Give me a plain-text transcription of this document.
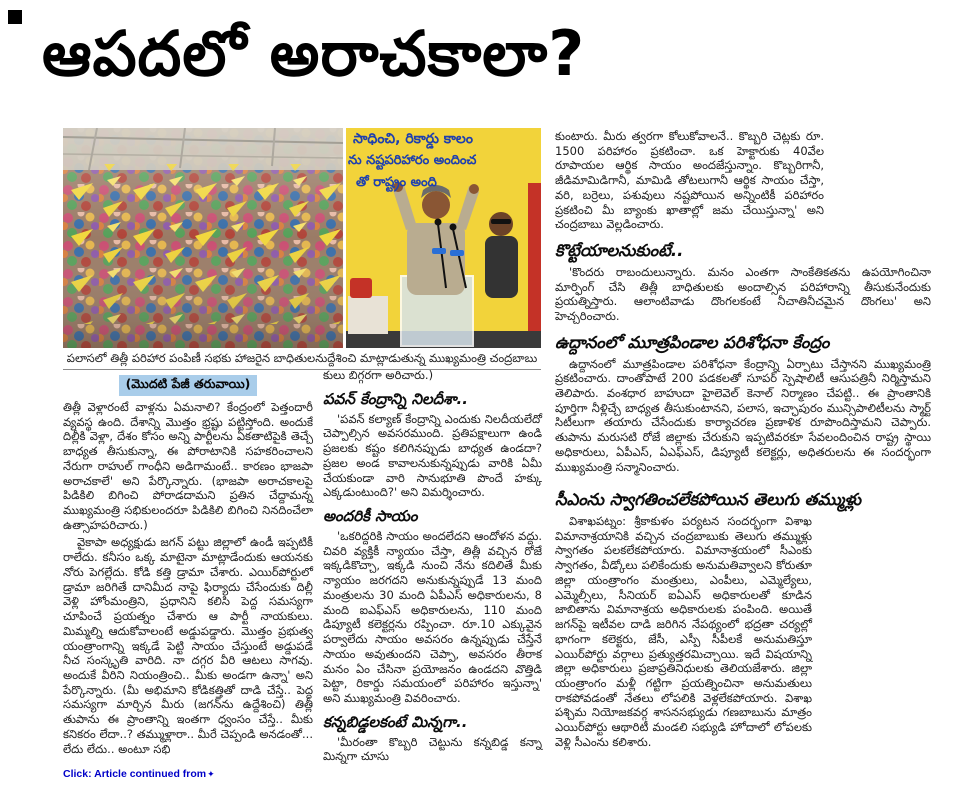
ఆపదలో అరాచకాలా?
సాధించి, రికార్డు కాలం
ను నష్టపరిహారం అందించ
తో రాష్ట్రం అంది
పలాసలో తిత్లీ పరిహార పంపిణీ సభకు హాజరైన బాధితులనుద్దేశించి మాట్లాడుతున్న ముఖ్యమంత్రి చంద్రబాబు
(మొదటి పేజీ తరువాయి)

తిత్లీ వెళ్లారంటే వాళ్లను ఏమనాలి? కేంద్రంలో పెత్తందారీ వ్యవస్థ ఉంది. దేశాన్ని మొత్తం భ్రష్టు పట్టిస్తోంది. అందుకే దిల్లీకి వెళ్లా, దేశం కోసం అన్ని పార్టీలను ఏకతాటిపైకి తెచ్చే బాధ్యత తీసుకున్నా, ఈ పోరాటానికి సహకరించాలని నేరుగా రాహుల్ గాంధీని అడిగామంటే.. కారణం భాజపా అరాచకాలే' అని పేర్కొన్నారు. (భాజపా అరాచకాలపై పిడికిలి బిగించి పోరాడదామని ప్రతిన చేద్దామన్న ముఖ్యమంత్రి సభికులందరూ పిడికిలి బిగించి నినదించేలా ఉత్సాహపరిచారు.)

వైకాపా అధ్యక్షుడు జగన్ పట్టు జిల్లాలో ఉండీ ఇప్పటికీ రాలేదు. కనీసం ఒక్క మాటైనా మాట్లాడేందుకు ఆయనకు నోరు పెగల్లేదు. కోడి కత్తి డ్రామా చేశారు. ఎయిర్‌పోర్టులో డ్రామా జరిగితే దానిమీద నాపై ఫిర్యాదు చేసేందుకు దిల్లీ వెళ్లి హోంమంత్రిని, ప్రధానిని కలిసి పెద్ద సమస్యగా చూపించే ప్రయత్నం చేశారు ఆ పార్టీ నాయకులు. మిమ్మల్ని ఆదుకోవాలంటే అడ్డుపడ్డారు. మొత్తం ప్రభుత్వ యంత్రాంగాన్ని ఇక్కడే పెట్టి సాయం చేస్తుంటే అడ్డుపడే నీచ సంస్కృతి వారిది. నా దగ్గర వీరి ఆటలు సాగవు. అందుకే వీరిని నియంత్రించి.. మీకు అండగా ఉన్నా' అని పేర్కొన్నారు. (మీ అభిమాని కోడికత్తితో దాడి చేస్తే.. పెద్ద సమస్యగా మార్చిన మీరు (జగన్‌ను ఉద్దేశించి) తిత్లీ తుపాను ఈ ప్రాంతాన్ని ఇంతగా ధ్వంసం చేస్తే.. మీకు కనికరం లేదా..? తమ్ముళ్లారా.. మీరే చెప్పండి అనడంతో... లేదు లేదు.. అంటూ సభి

Click: Article continued from✦

కులు బిగ్గరగా అరిచారు.)

పవన్ కేంద్రాన్ని నిలదీశా..

'పవన్ కల్యాణ్ కేంద్రాన్ని ఎందుకు నిలదీయలేదో చెప్పాల్సిన అవసరముంది. ప్రతిపక్షాలుగా ఉండి ప్రజలకు కష్టం కలిగినప్పుడు బాధ్యత ఉండదా? ప్రజల అండ కావాలనుకున్నప్పుడు వారికి ఏమీ చేయకుండా వారి సానుభూతి పొందే హక్కు ఎక్కడుంటుంది?' అని విమర్శించారు.

అందరికీ సాయం

'ఒకరిద్దరికి సాయం అందలేదని ఆందోళన వద్దు. చివరి వ్యక్తికీ న్యాయం చేస్తా, తిత్లీ వచ్చిన రోజే ఇక్కడికొచ్చా, ఇక్కడి నుంచి నేను కదిలితే మీకు న్యాయం జరగదని అనుకున్నప్పుడే 13 మంది మంత్రులను 30 మంది ఏపీఎస్ అధికారులను, 8 మంది ఐఎఫ్ఎస్ అధికారులను, 110 మంది డిప్యూటీ కలెక్టర్లను రప్పించా. రూ.10 ఎక్కువైన పర్వాలేదు సాయం అవసరం ఉన్నప్పుడు చేస్తేనే సాయం అవుతుందని చెప్పా, అవసరం తీరాక మనం ఏం చేసినా ప్రయోజనం ఉండదని వొత్తిడి పెట్టా, రికార్డు సమయంలో పరిహారం ఇస్తున్నా' అని ముఖ్యమంత్రి వివరించారు.

కన్నబిడ్డలకంటే మిన్నగా..

'మీరంతా కొబ్బరి చెట్టును కన్నబిడ్డ కన్నా మిన్నగా చూసు

కుంటారు. మీరు త్వరగా కోలుకోవాలనే.. కొబ్బరి చెట్లకు రూ. 1500 పరిహారం ప్రకటించా. ఒక హెక్టారుకు 40వేల రూపాయల ఆర్థిక సాయం అందజేస్తున్నాం. కొబ్బరిగానీ, జీడిమామిడిగానీ, మామిడి తోటలుగానీ ఆర్థిక సాయం చేస్తా, వరి, బర్రెలు, పశువులు నష్టపోయిన అన్నింటికీ పరిహారం ప్రకటించి మీ బ్యాంకు ఖాతాల్లో జమ చేయిస్తున్నా' అని చంద్రబాబు వెల్లడించారు.

కొట్టేయాలనుకుంటే..

'కొందరు రాబందులున్నారు. మనం ఎంతగా సాంకేతికతను ఉపయోగించినా మార్ఫింగ్ చేసి తిత్లీ బాధితులకు అందాల్సిన పరిహారాన్ని తీసుకునేందుకు ప్రయత్నిస్తారు. ఆలాంటివాడు దొంగలకంటే నీచాతినీచమైన దొంగలు' అని హెచ్చరించారు.

ఉద్దానంలో మూత్రపిండాల పరిశోధనా కేంద్రం

ఉద్దానంలో మూత్రపిండాల పరిశోధనా కేంద్రాన్ని ఏర్పాటు చేస్తానని ముఖ్యమంత్రి ప్రకటించారు. దాంతోపాటే 200 పడకలతో సూపర్ స్పెషాలిటీ ఆసుపత్రినీ నిర్మిస్తామని తెలిపారు. వంశధార బాహుదా హైలెవెల్ కెనాల్ నిర్మాణం చేపట్టి.. ఈ ప్రాంతానికి పూర్తిగా నీళ్లిచ్చే బాధ్యత తీసుకుంటానని, పలాస, ఇచ్ఛాపురం మున్సిపాలిటీలను స్మార్ట్ సిటీలుగా తయారు చేసేందుకు కార్యాచరణ ప్రణాళిక రూపొందిస్తామని చెప్పారు. తుపాను మరుసటి రోజే జిల్లాకు చేరుకుని ఇప్పటివరకూ సేవలందించిన రాష్ట్ర స్థాయి అధికారులు, ఏపీఎస్, ఏఎఫ్ఎస్, డిప్యూటీ కలెక్టర్లు, అధితరులను ఈ సందర్భంగా ముఖ్యమంత్రి సన్మానించారు.

సీఎంను స్వాగతించలేకపోయిన తెలుగు తమ్ముళ్లు

విశాఖపట్నం: శ్రీకాకుళం పర్యటన సందర్భంగా విశాఖ విమానాశ్రయానికి వచ్చిన చంద్రబాబుకు తెలుగు తమ్ముళ్లు స్వాగతం పలకలేకపోయారు. విమానాశ్రయంలో సీఎంకు స్వాగతం, వీడ్కోలు పలికేందుకు అనుమతివ్వాలని కోరుతూ జిల్లా యంత్రాంగం మంత్రులు, ఎంపీలు, ఎమ్మెల్యేలు, ఎమ్మెల్సీలు, సీనియర్ ఐఏఎస్ అధికారులతో కూడిన జాబితాను విమానాశ్రయ అధికారులకు పంపింది. అయితే జగన్‌పై ఇటీవల దాడి జరిగిన నేపథ్యంలో భద్రతా చర్యల్లో భాగంగా కలెక్టరు, జేసీ, ఎస్పీ సీపీలకే అనుమతిస్తూ ఎయిర్‌పోర్టు వర్గాలు ప్రత్యుత్తరమిచ్చాయి. ఇదే విషయాన్ని జిల్లా అధికారులు ప్రజాప్రతినిధులకు తెలియజేశారు. జిల్లా యంత్రాంగం మళ్లీ గట్టిగా ప్రయత్నించినా అనుమతులు రాకపోవడంతో నేతలు లోపలికి వెళ్లలేకపోయారు. విశాఖ పశ్చిమ నియోజకవర్గ శాసనసభ్యుడు గణబాబును మాత్రం ఎయిర్‌పోర్టు ఆథారిటీ మండలి సభ్యుడి హోదాలో లోపలకు వెళ్లి సీఎంను కలిశారు.
